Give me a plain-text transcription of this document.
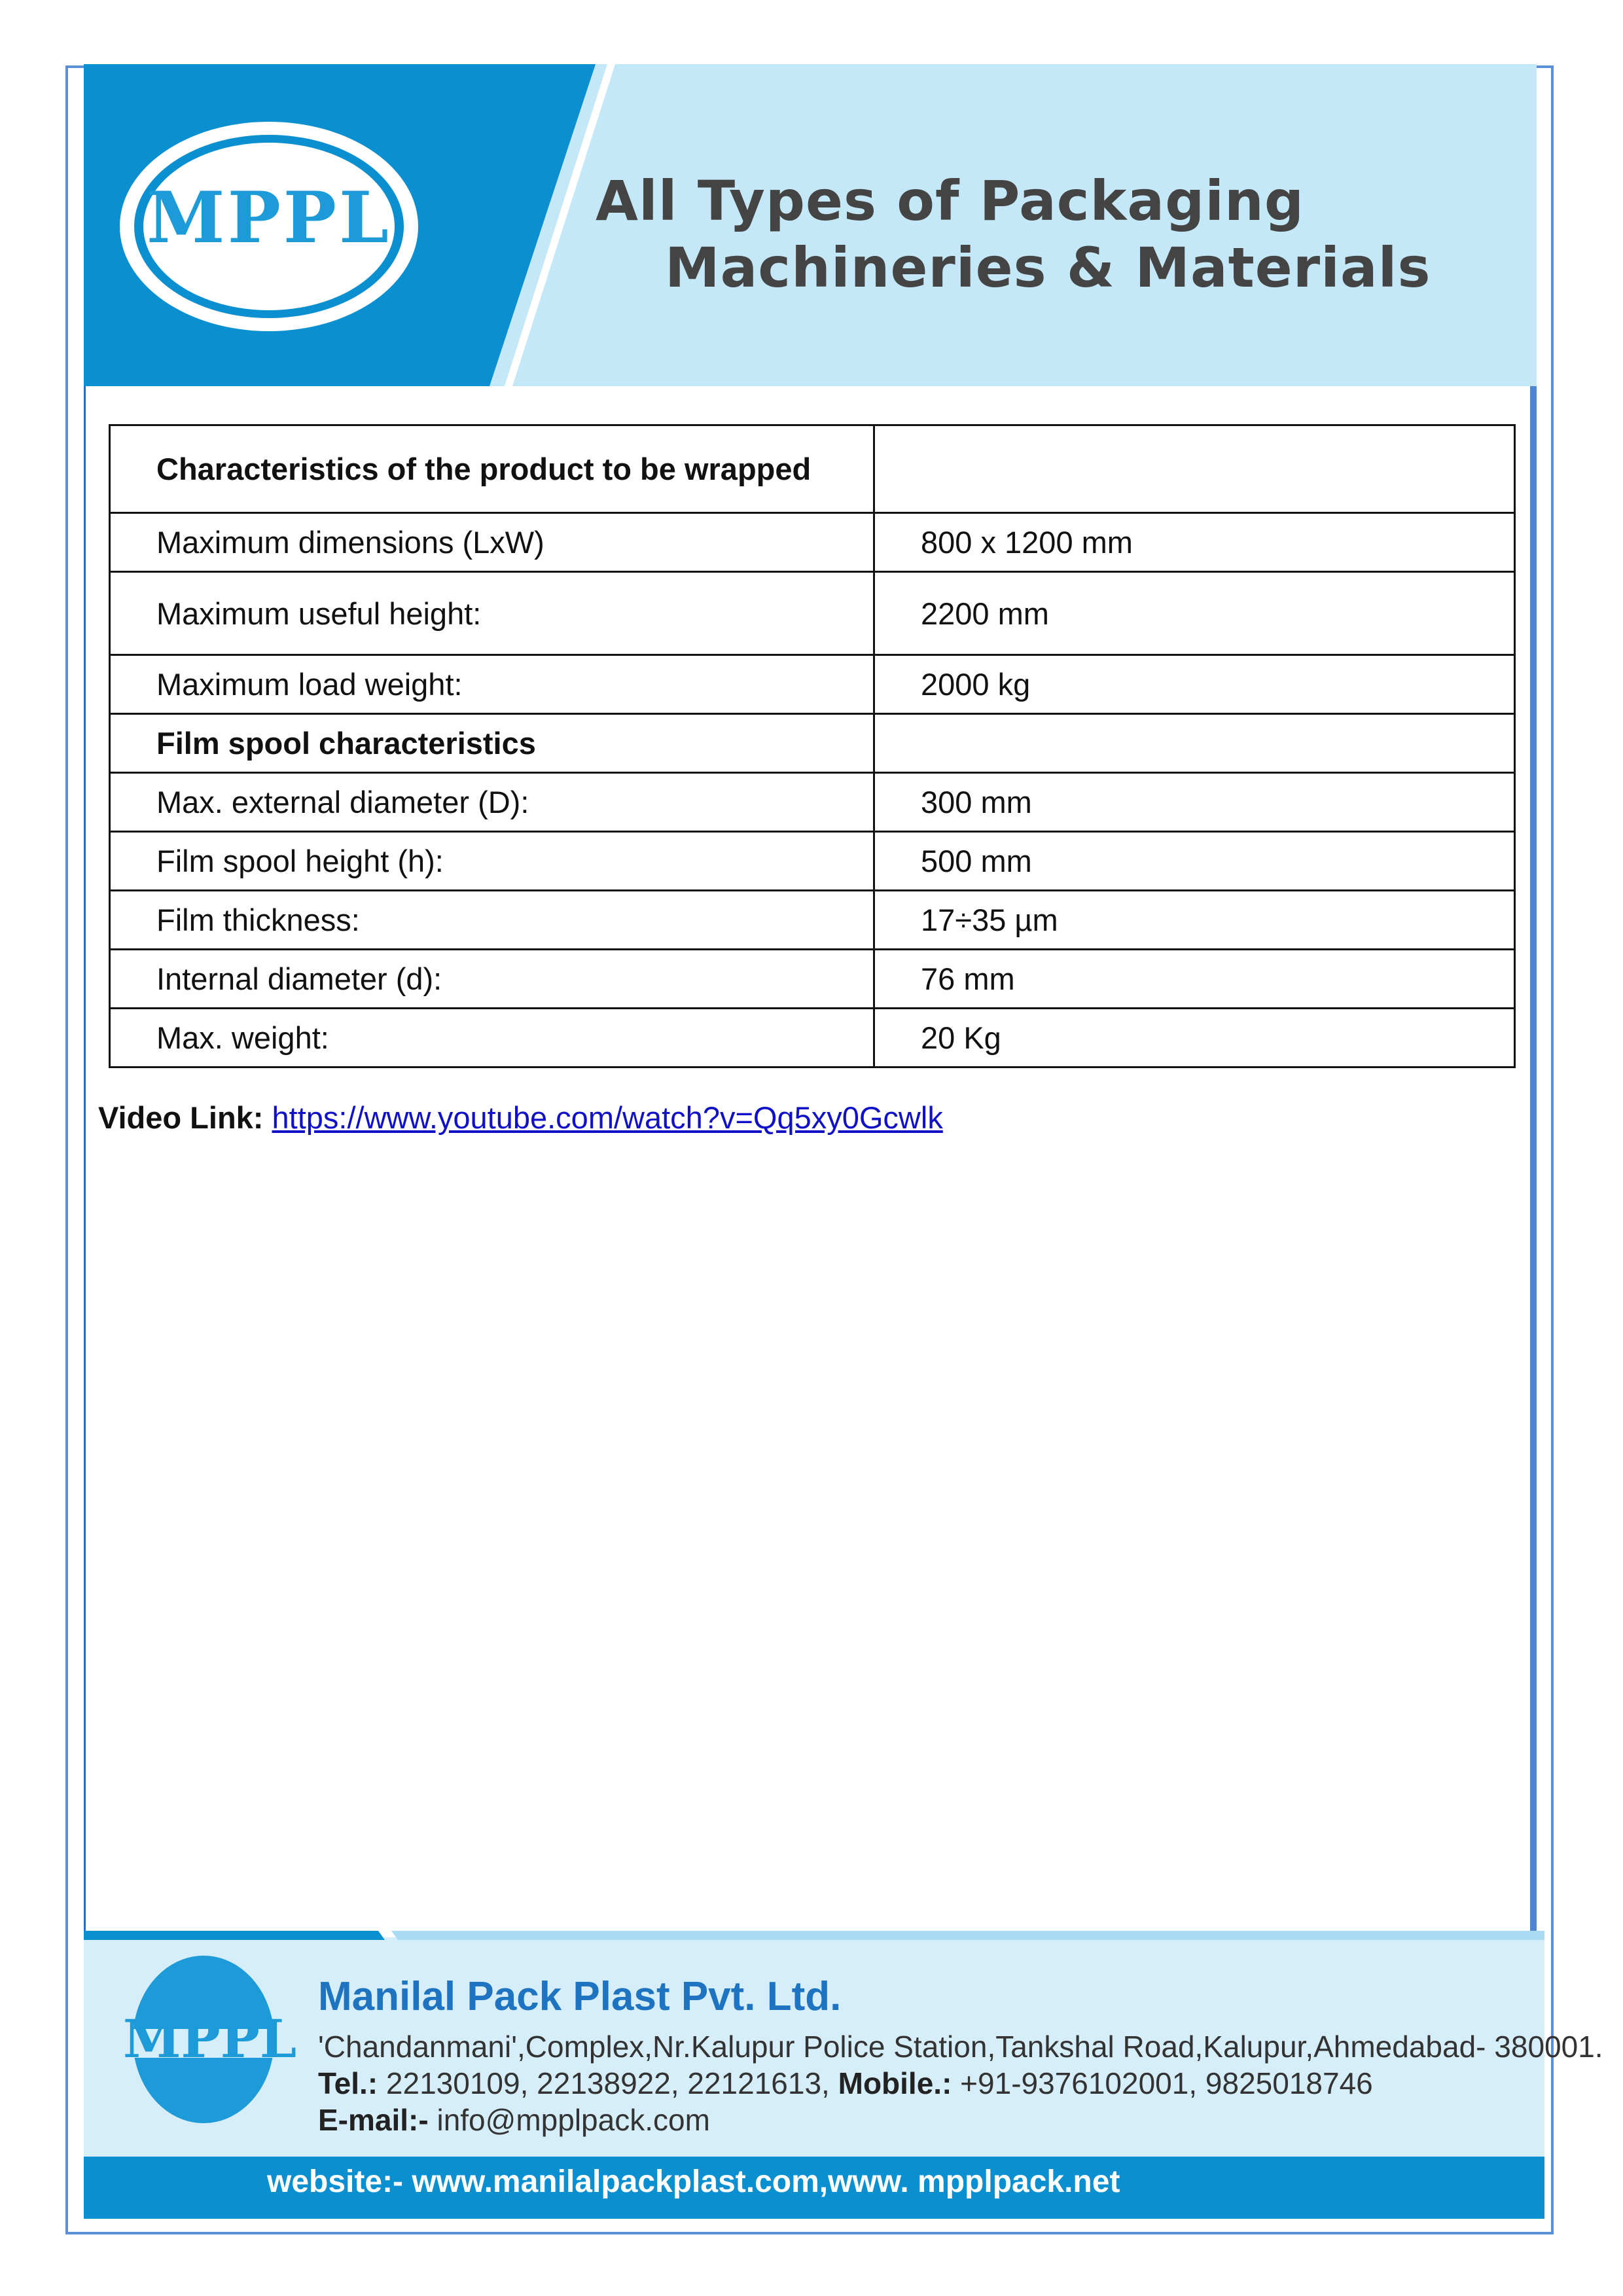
MPPL	All Types of Packaging
Machineries & Materials
Characteristics of the product to be wrapped	
Maximum dimensions (LxW)	800 x 1200 mm
Maximum useful height:	2200 mm
Maximum load weight:	2000 kg
Film spool characteristics	
Max. external diameter (D):	300 mm
Film spool height (h):	500 mm
Film thickness:	17÷35 µm
Internal diameter (d):	76 mm
Max. weight:	20 Kg
Video Link: https://www.youtube.com/watch?v=Qq5xy0Gcwlk
MPPL
Manilal Pack Plast Pvt. Ltd.
'Chandanmani',Complex,Nr.Kalupur Police Station,Tankshal Road,Kalupur,Ahmedabad- 380001.
Tel.: 22130109, 22138922, 22121613, Mobile.: +91-9376102001, 9825018746
E-mail:- info@mpplpack.com
website:- www.manilalpackplast.com,www. mpplpack.net
